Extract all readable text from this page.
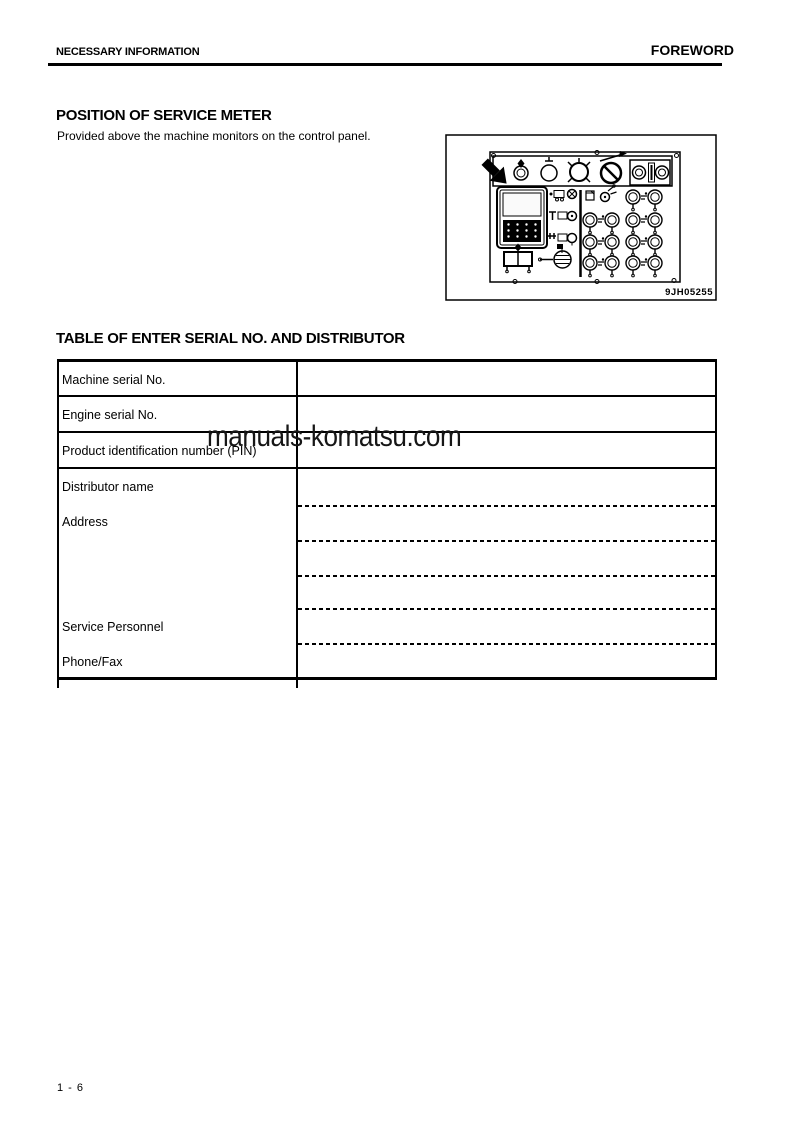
NECESSARY INFORMATION	FOREWORD
POSITION OF SERVICE METER
Provided above the machine monitors on the control panel.
9JH05255
TABLE OF ENTER SERIAL NO. AND DISTRIBUTOR
Machine serial No.
Engine serial No.
Product identification number (PIN)
Distributor name
Address
Service Personnel
Phone/Fax
manuals-komatsu.com
1 - 6
